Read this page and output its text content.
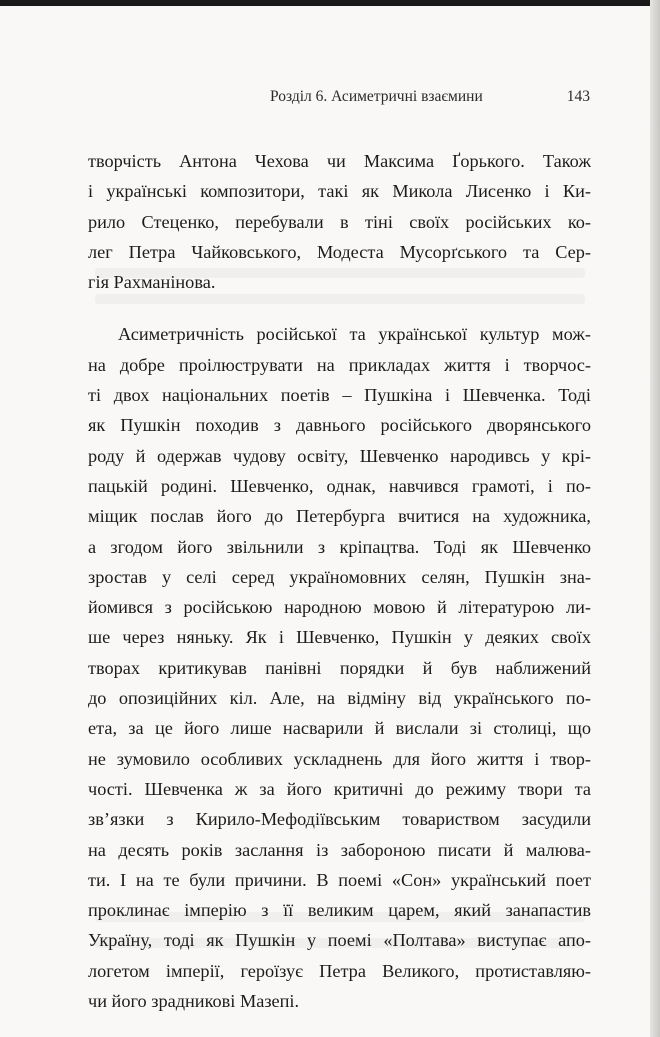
Розділ 6. Асиметричні взаємини	143
творчість Антона Чехова чи Максима Ґорького. Також
і українські композитори, такі як Микола Лисенко і Ки-
рило Стеценко, перебували в тіні своїх російських ко-
лег Петра Чайковського, Модеста Мусорґського та Сер-
гія Рахманінова.
Асиметричність російської та української культур мож-
на добре проілюструвати на прикладах життя і творчос-
ті двох національних поетів – Пушкіна і Шевченка. Тоді
як Пушкін походив з давнього російського дворянського
роду й одержав чудову освіту, Шевченко народивсь у крі-
пацькій родині. Шевченко, однак, навчився грамоті, і по-
міщик послав його до Петербурга вчитися на художника,
а згодом його звільнили з кріпацтва. Тоді як Шевченко
зростав у селі серед україномовних селян, Пушкін зна-
йомився з російською народною мовою й літературою ли-
ше через няньку. Як і Шевченко, Пушкін у деяких своїх
творах критикував панівні порядки й був наближений
до опозиційних кіл. Але, на відміну від українського по-
ета, за це його лише насварили й вислали зі столиці, що
не зумовило особливих ускладнень для його життя і твор-
чості. Шевченка ж за його критичні до режиму твори та
зв’язки з Кирило-Мефодіївським товариством засудили
на десять років заслання із забороною писати й малюва-
ти. І на те були причини. В поемі «Сон» український поет
проклинає імперію з її великим царем, який занапастив
Україну, тоді як Пушкін у поемі «Полтава» виступає апо-
логетом імперії, героїзує Петра Великого, протиставляю-
чи його зрадникові Мазепі.
